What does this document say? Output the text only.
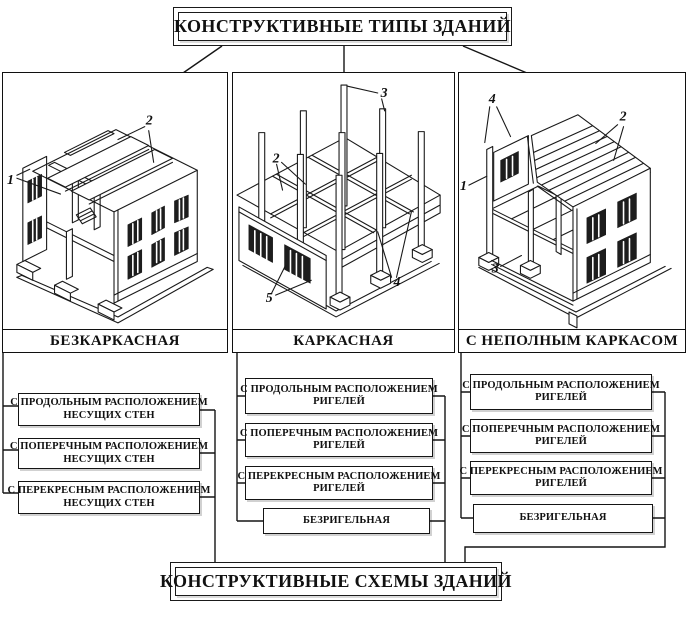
КОНСТРУКТИВНЫЕ ТИПЫ ЗДАНИЙ
1
2
БЕЗКАРКАСНАЯ
3
2
4
5
КАРКАСНАЯ
4
2
1
3
С НЕПОЛНЫМ КАРКАСОМ
С ПРОДОЛЬНЫМ РАСПОЛОЖЕНИЕМ
НЕСУЩИХ СТЕН
С ПОПЕРЕЧНЫМ РАСПОЛОЖЕНИЕМ
НЕСУЩИХ СТЕН
С ПЕРЕКРЕСНЫМ РАСПОЛОЖЕНИЕМ
НЕСУЩИХ СТЕН
С ПРОДОЛЬНЫМ РАСПОЛОЖЕНИЕМ
РИГЕЛЕЙ
С ПОПЕРЕЧНЫМ РАСПОЛОЖЕНИЕМ
РИГЕЛЕЙ
С ПЕРЕКРЕСНЫМ РАСПОЛОЖЕНИЕМ
РИГЕЛЕЙ
БЕЗРИГЕЛЬНАЯ
С ПРОДОЛЬНЫМ РАСПОЛОЖЕНИЕМ
РИГЕЛЕЙ
С ПОПЕРЕЧНЫМ РАСПОЛОЖЕНИЕМ
РИГЕЛЕЙ
С ПЕРЕКРЕСНЫМ РАСПОЛОЖЕНИЕМ
РИГЕЛЕЙ
БЕЗРИГЕЛЬНАЯ
КОНСТРУКТИВНЫЕ СХЕМЫ ЗДАНИЙ
